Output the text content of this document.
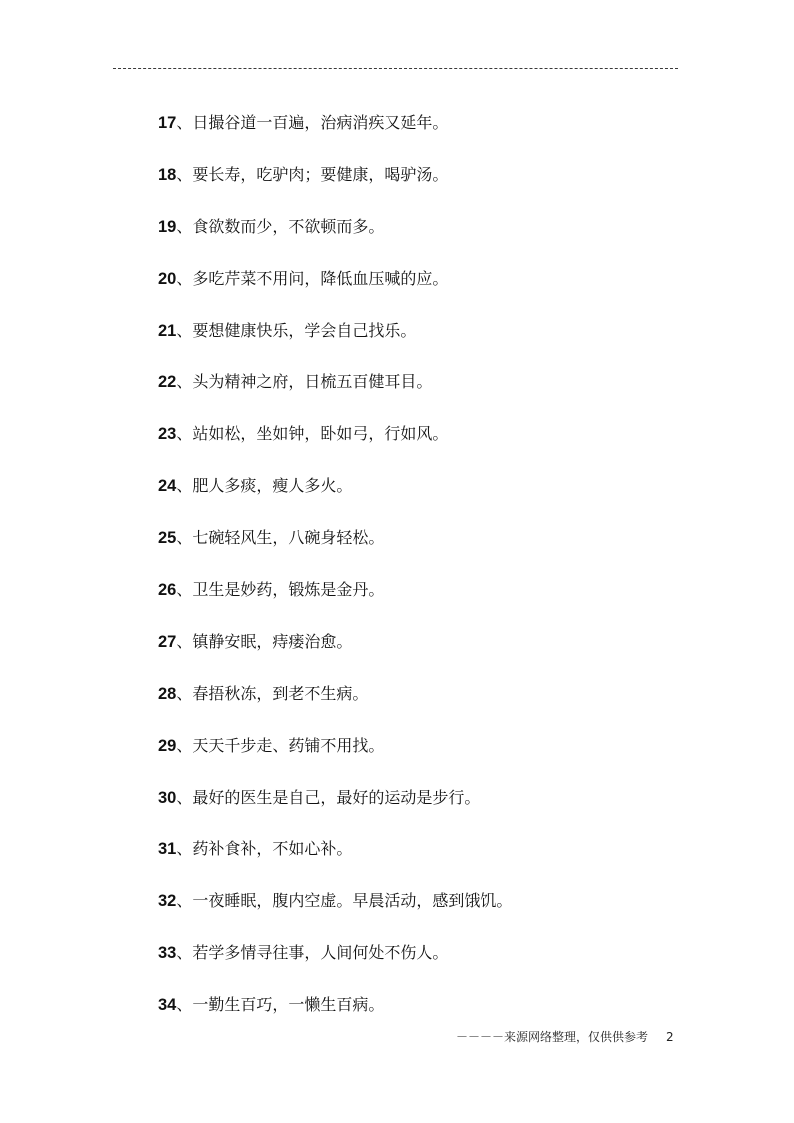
17、日撮谷道一百遍，治病消疾又延年。
18、要长寿，吃驴肉；要健康，喝驴汤。
19、食欲数而少，不欲顿而多。
20、多吃芹菜不用问，降低血压喊的应。
21、要想健康快乐，学会自己找乐。
22、头为精神之府，日梳五百健耳目。
23、站如松，坐如钟，卧如弓，行如风。
24、肥人多痰，瘦人多火。
25、七碗轻风生，八碗身轻松。
26、卫生是妙药，锻炼是金丹。
27、镇静安眠，痔瘘治愈。
28、春捂秋冻，到老不生病。
29、天天千步走、药铺不用找。
30、最好的医生是自己，最好的运动是步行。
31、药补食补，不如心补。
32、一夜睡眠，腹内空虚。早晨活动，感到饿饥。
33、若学多情寻往事，人间何处不伤人。
34、一勤生百巧，一懒生百病。
－－－－来源网络整理，仅供供参考 2
